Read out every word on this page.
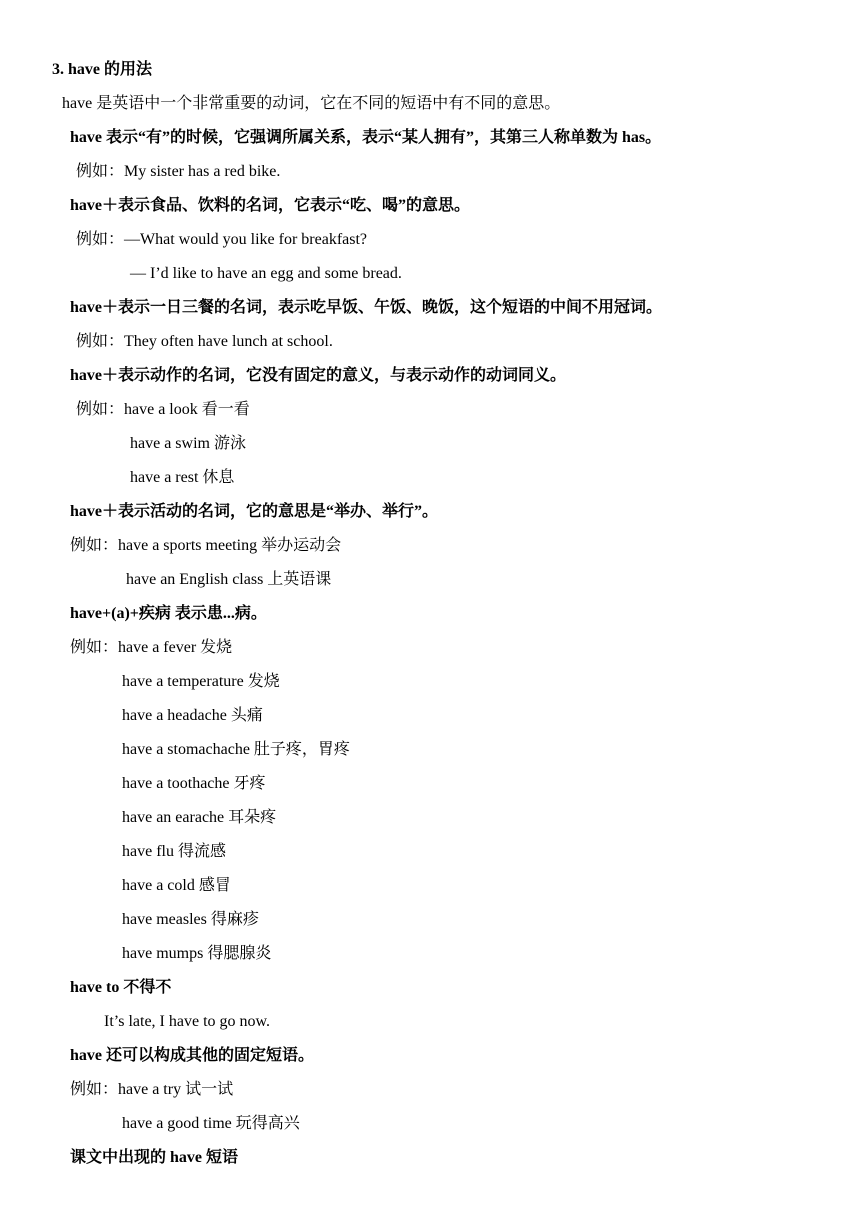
3. have 的用法
have 是英语中一个非常重要的动词，它在不同的短语中有不同的意思。
have 表示“有”的时候，它强调所属关系，表示“某人拥有”，其第三人称单数为 has。
例如：My sister has a red bike.
have＋表示食品、饮料的名词，它表示“吃、喝”的意思。
例如：—What would you like for breakfast?
— I’d like to have an egg and some bread.
have＋表示一日三餐的名词，表示吃早饭、午饭、晚饭，这个短语的中间不用冠词。
例如：They often have lunch at school.
have＋表示动作的名词，它没有固定的意义，与表示动作的动词同义。
例如：have a look 看一看
have a swim 游泳
have a rest 休息
have＋表示活动的名词，它的意思是“举办、举行”。
例如：have a sports meeting 举办运动会
have an English class 上英语课
have+(a)+疾病 表示患...病。
例如：have a fever 发烧
have a temperature 发烧
have a headache 头痛
have a stomachache 肚子疼，胃疼
have a toothache 牙疼
have an earache 耳朵疼
have flu 得流感
have a cold 感冒
have measles 得麻疹
have mumps 得腮腺炎
have to 不得不
It’s late, I have to go now.
have 还可以构成其他的固定短语。
例如：have a try 试一试
have a good time 玩得高兴
课文中出现的 have 短语
